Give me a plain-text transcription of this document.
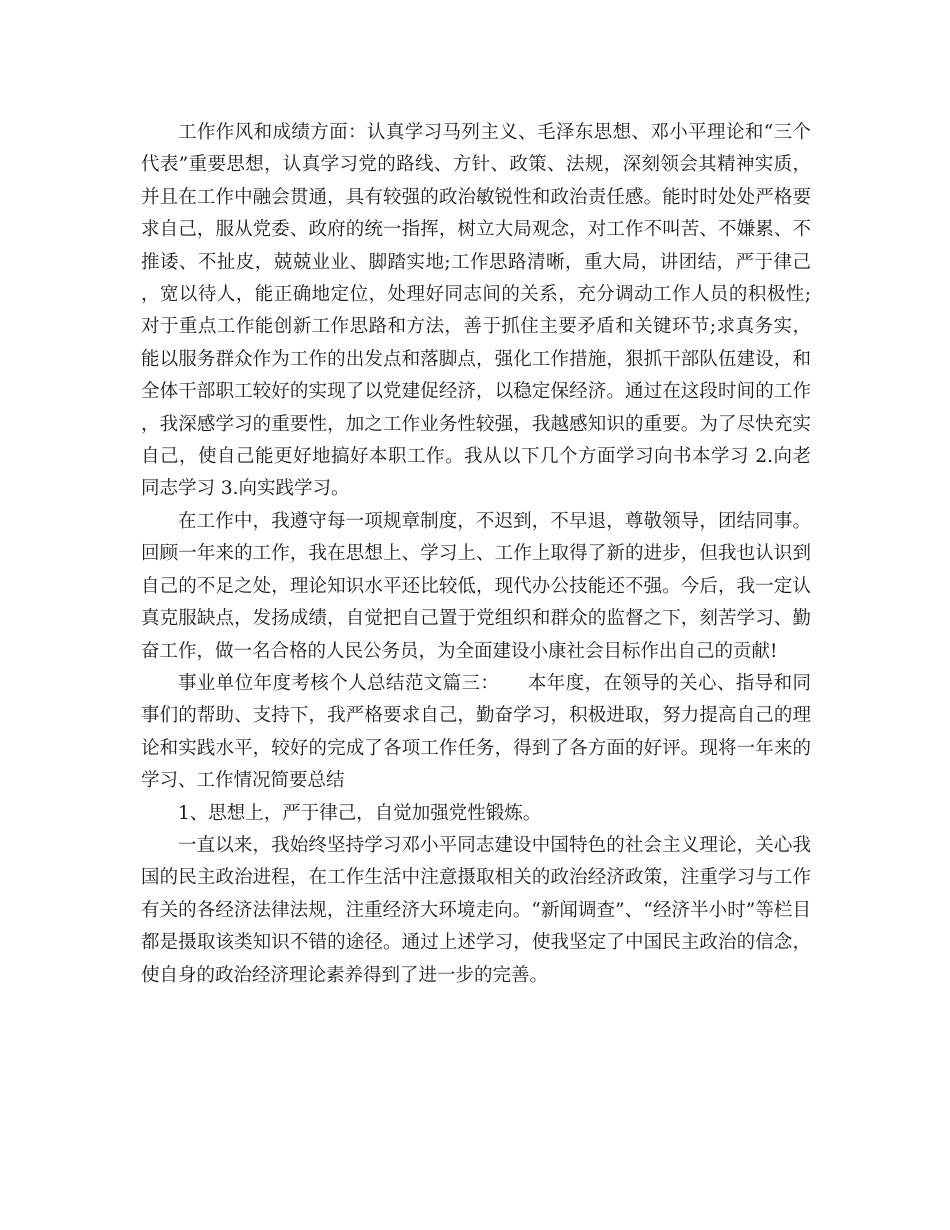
工作作风和成绩方面：认真学习马列主义、毛泽东思想、邓小平理论和“三个代表”重要思想，认真学习党的路线、方针、政策、法规，深刻领会其精神实质，并且在工作中融会贯通，具有较强的政治敏锐性和政治责任感。能时时处处严格要求自己，服从党委、政府的统一指挥，树立大局观念，对工作不叫苦、不嫌累、不推诿、不扯皮，兢兢业业、脚踏实地;工作思路清晰，重大局，讲团结，严于律己，宽以待人，能正确地定位，处理好同志间的关系，充分调动工作人员的积极性;对于重点工作能创新工作思路和方法，善于抓住主要矛盾和关键环节;求真务实，能以服务群众作为工作的出发点和落脚点，强化工作措施，狠抓干部队伍建设，和全体干部职工较好的实现了以党建促经济，以稳定保经济。通过在这段时间的工作，我深感学习的重要性，加之工作业务性较强，我越感知识的重要。为了尽快充实自己，使自己能更好地搞好本职工作。我从以下几个方面学习向书本学习 2.向老同志学习 3.向实践学习。

在工作中，我遵守每一项规章制度，不迟到，不早退，尊敬领导，团结同事。回顾一年来的工作，我在思想上、学习上、工作上取得了新的进步，但我也认识到自己的不足之处，理论知识水平还比较低，现代办公技能还不强。今后，我一定认真克服缺点，发扬成绩，自觉把自己置于党组织和群众的监督之下，刻苦学习、勤奋工作，做一名合格的人民公务员，为全面建设小康社会目标作出自己的贡献!

事业单位年度考核个人总结范文篇三：　　本年度，在领导的关心、指导和同事们的帮助、支持下，我严格要求自己，勤奋学习，积极进取，努力提高自己的理论和实践水平，较好的完成了各项工作任务，得到了各方面的好评。现将一年来的学习、工作情况简要总结

1、思想上，严于律己，自觉加强党性锻炼。

一直以来，我始终坚持学习邓小平同志建设中国特色的社会主义理论，关心我国的民主政治进程，在工作生活中注意摄取相关的政治经济政策，注重学习与工作有关的各经济法律法规，注重经济大环境走向。“新闻调查”、“经济半小时”等栏目都是摄取该类知识不错的途径。通过上述学习，使我坚定了中国民主政治的信念，使自身的政治经济理论素养得到了进一步的完善。
